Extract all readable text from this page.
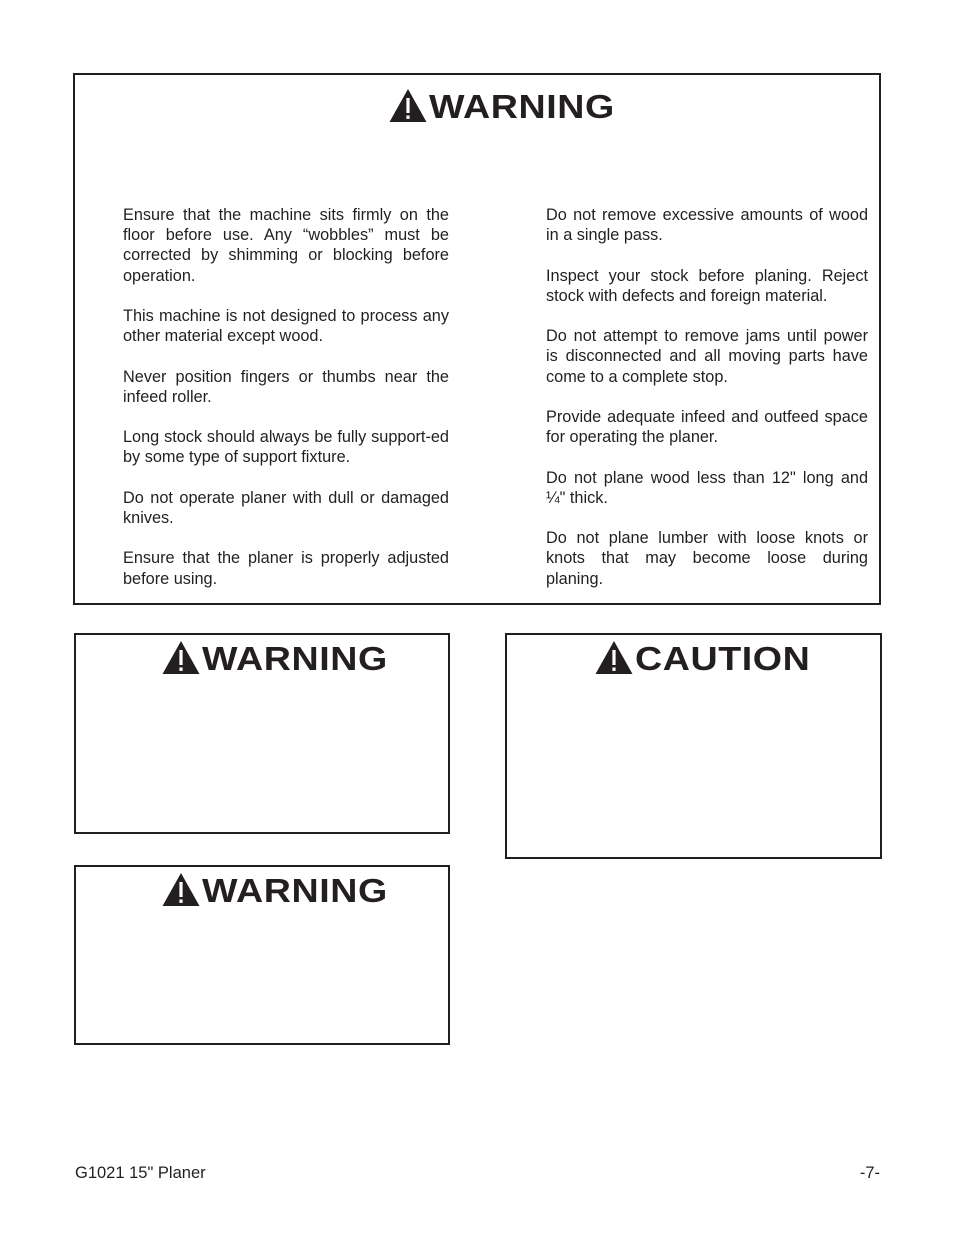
WARNING

Ensure that the machine sits firmly on the floor before use. Any “wobbles” must be corrected by shimming or blocking before operation.

This machine is not designed to process any other material except wood.

Never position fingers or thumbs near the infeed roller.

Long stock should always be fully support-ed by some type of support fixture.

Do not operate planer with dull or damaged knives.

Ensure that the planer is properly adjusted before using.

Do not remove excessive amounts of wood in a single pass.

Inspect your stock before planing. Reject stock with defects and foreign material.

Do not attempt to remove jams until power is disconnected and all moving parts have come to a complete stop.

Provide adequate infeed and outfeed space for operating the planer.

Do not plane wood less than 12" long and ¼" thick.

Do not plane lumber with loose knots or knots that may become loose during planing.

WARNING
WARNING
CAUTION
G1021 15" Planer	-7-
